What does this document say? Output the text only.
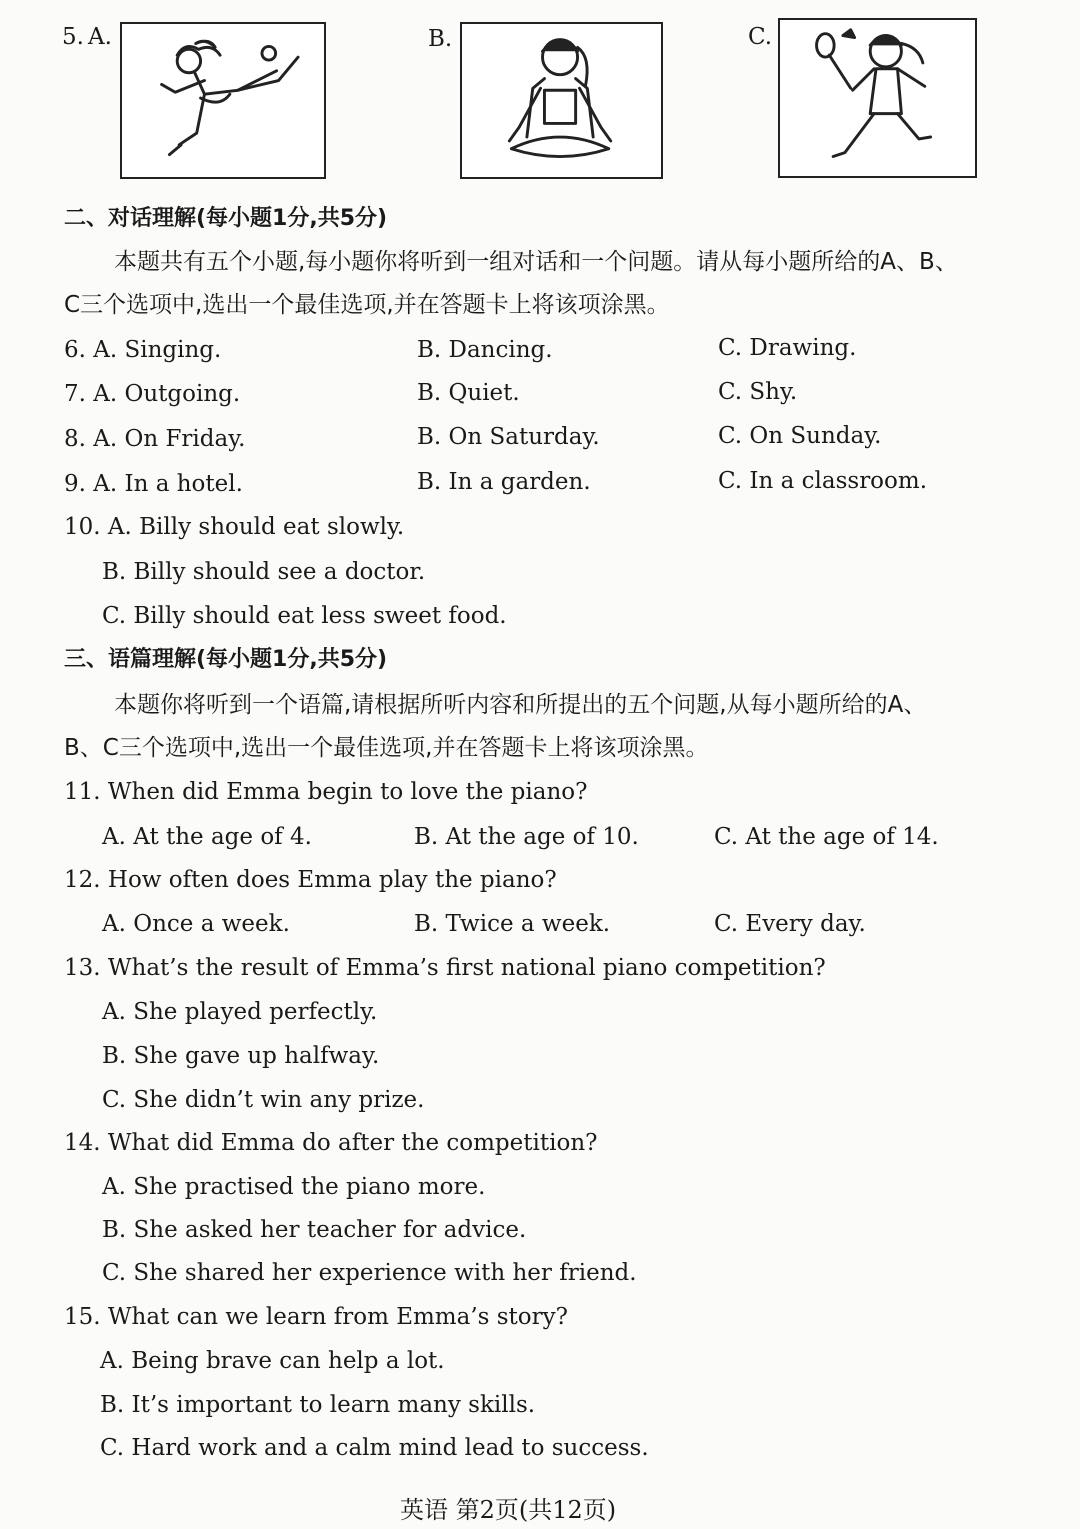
5. A.	B.	C.
二、对话理解(每小题1分,共5分)
本题共有五个小题,每小题你将听到一组对话和一个问题。请从每小题所给的A、B、
C三个选项中,选出一个最佳选项,并在答题卡上将该项涂黑。
6. A. Singing.	B. Dancing.	C. Drawing.
7. A. Outgoing.	B. Quiet.	C. Shy.
8. A. On Friday.	B. On Saturday.	C. On Sunday.
9. A. In a hotel.	B. In a garden.	C. In a classroom.
10. A. Billy should eat slowly.
B. Billy should see a doctor.
C. Billy should eat less sweet food.
三、语篇理解(每小题1分,共5分)
本题你将听到一个语篇,请根据所听内容和所提出的五个问题,从每小题所给的A、
B、C三个选项中,选出一个最佳选项,并在答题卡上将该项涂黑。
11. When did Emma begin to love the piano?
A. At the age of 4.	B. At the age of 10.	C. At the age of 14.
12. How often does Emma play the piano?
A. Once a week.	B. Twice a week.	C. Every day.
13. What’s the result of Emma’s first national piano competition?
A. She played perfectly.
B. She gave up halfway.
C. She didn’t win any prize.
14. What did Emma do after the competition?
A. She practised the piano more.
B. She asked her teacher for advice.
C. She shared her experience with her friend.
15. What can we learn from Emma’s story?
A. Being brave can help a lot.
B. It’s important to learn many skills.
C. Hard work and a calm mind lead to success.
英语 第2页(共12页)
